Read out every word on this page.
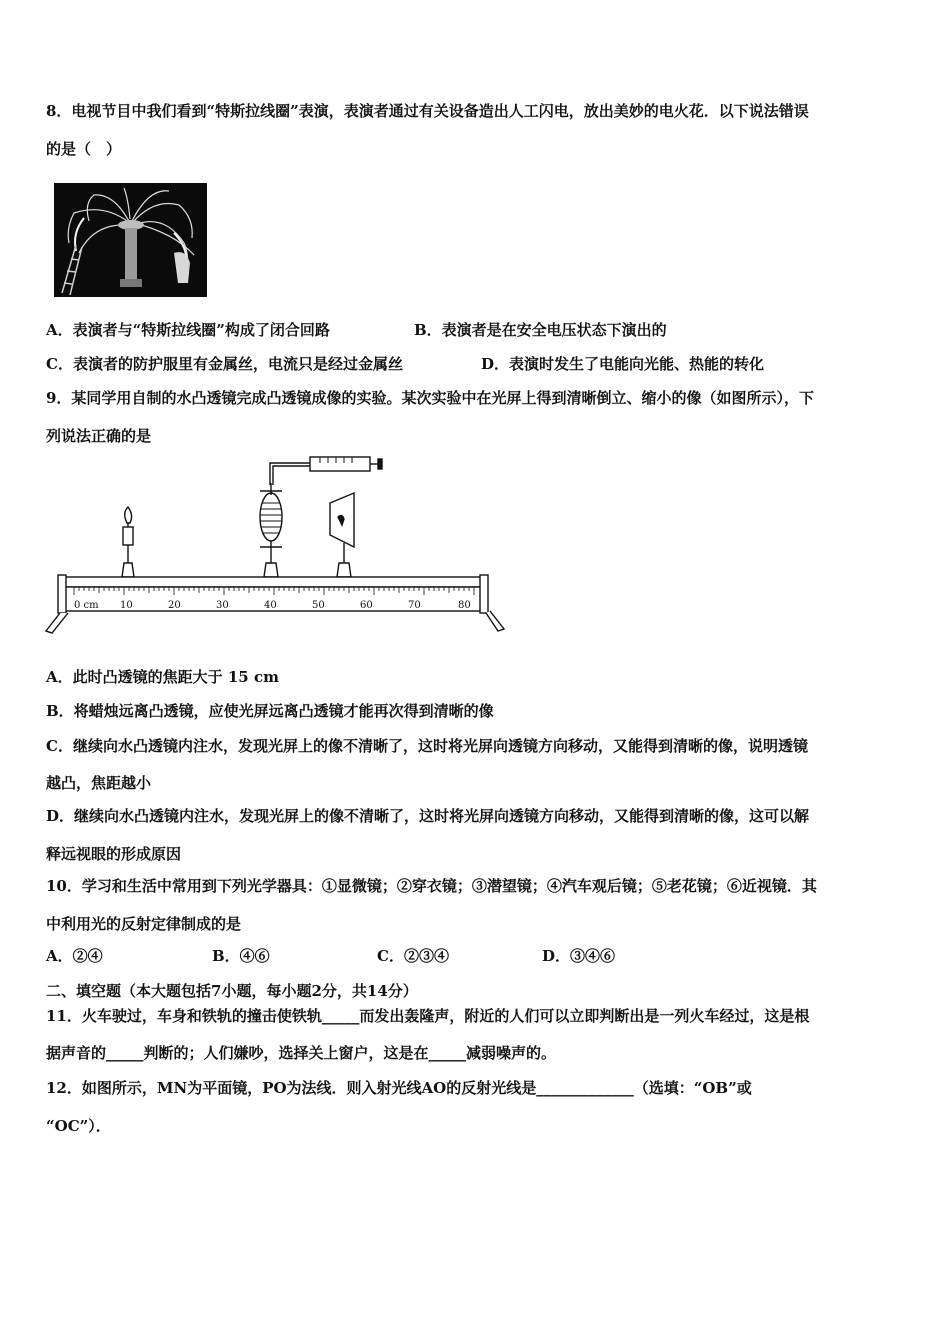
8．电视节目中我们看到“特斯拉线圈”表演，表演者通过有关设备造出人工闪电，放出美妙的电火花．以下说法错误
的是（　）
A．表演者与“特斯拉线圈”构成了闭合回路	B．表演者是在安全电压状态下演出的
C．表演者的防护服里有金属丝，电流只是经过金属丝	D．表演时发生了电能向光能、热能的转化
9．某同学用自制的水凸透镜完成凸透镜成像的实验。某次实验中在光屏上得到清晰倒立、缩小的像（如图所示），下
列说法正确的是
0 cm 10	20	30	40	50	60	70	80
A．此时凸透镜的焦距大于 15 cm
B．将蜡烛远离凸透镜，应使光屏远离凸透镜才能再次得到清晰的像
C．继续向水凸透镜内注水，发现光屏上的像不清晰了，这时将光屏向透镜方向移动，又能得到清晰的像，说明透镜
越凸，焦距越小
D．继续向水凸透镜内注水，发现光屏上的像不清晰了，这时将光屏向透镜方向移动，又能得到清晰的像，这可以解
释远视眼的形成原因
10．学习和生活中常用到下列光学器具：①显微镜；②穿衣镜；③潜望镜；④汽车观后镜；⑤老花镜；⑥近视镜．其
中利用光的反射定律制成的是
A．②④	B．④⑥	C．②③④	D．③④⑥
二、填空题（本大题包括7小题，每小题2分，共14分）
11．火车驶过，车身和铁轨的撞击使铁轨_____而发出轰隆声，附近的人们可以立即判断出是一列火车经过，这是根
据声音的_____判断的；人们嫌吵，选择关上窗户，这是在_____减弱噪声的。
12．如图所示，MN为平面镜，PO为法线．则入射光线AO的反射光线是_____________（选填：“OB”或
“OC”）．
